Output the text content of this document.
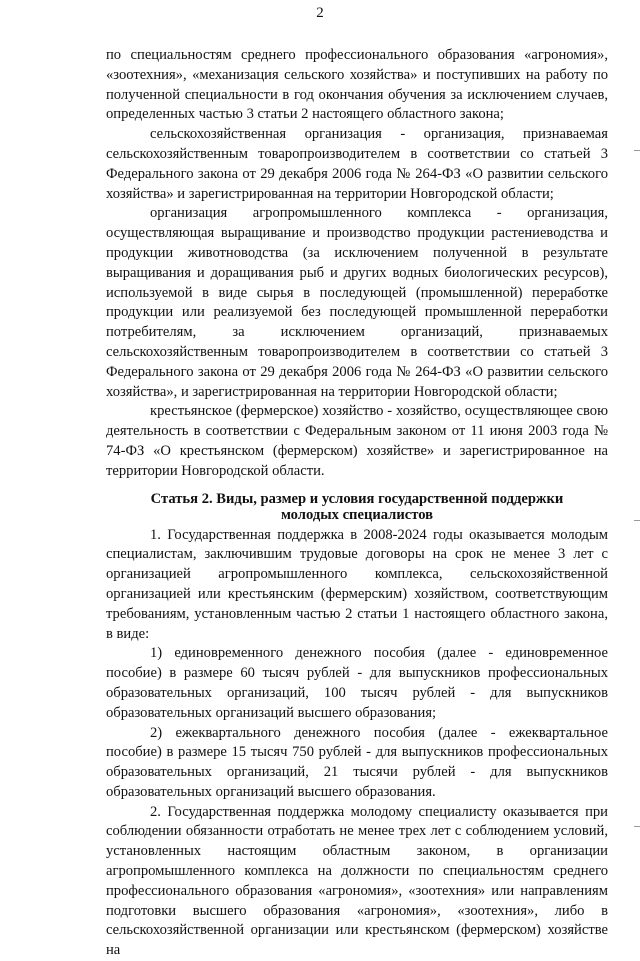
2

по специальностям среднего профессионального образования «агрономия», «зоотехния», «механизация сельского хозяйства» и поступивших на работу по полученной специальности в год окончания обучения за исключением случаев, определенных частью 3 статьи 2 настоящего областного закона;

сельскохозяйственная организация - организация, признаваемая сельскохозяйственным товаропроизводителем в соответствии со статьей 3 Федерального закона от 29 декабря 2006 года № 264-ФЗ «О развитии сельского хозяйства» и зарегистрированная на территории Новгородской области;

организация агропромышленного комплекса - организация, осуществляющая выращивание и производство продукции растениеводства и продукции животноводства (за исключением полученной в результате выращивания и доращивания рыб и других водных биологических ресурсов), используемой в виде сырья в последующей (промышленной) переработке продукции или реализуемой без последующей промышленной переработки потребителям, за исключением организаций, признаваемых сельскохозяйственным товаропроизводителем в соответствии со статьей 3 Федерального закона от 29 декабря 2006 года № 264-ФЗ «О развитии сельского хозяйства», и зарегистрированная на территории Новгородской области;

крестьянское (фермерское) хозяйство - хозяйство, осуществляющее свою деятельность в соответствии с Федеральным законом от 11 июня 2003 года № 74-ФЗ «О крестьянском (фермерском) хозяйстве» и зарегистрированное на территории Новгородской области.

Статья 2. Виды, размер и условия государственной поддержки
молодых специалистов

1. Государственная поддержка в 2008-2024 годы оказывается молодым специалистам, заключившим трудовые договоры на срок не менее 3 лет с организацией агропромышленного комплекса, сельскохозяйственной организацией или крестьянским (фермерским) хозяйством, соответствующим требованиям, установленным частью 2 статьи 1 настоящего областного закона, в виде:

1) единовременного денежного пособия (далее - единовременное пособие) в размере 60 тысяч рублей - для выпускников профессиональных образовательных организаций, 100 тысяч рублей - для выпускников образовательных организаций высшего образования;

2) ежеквартального денежного пособия (далее - ежеквартальное пособие) в размере 15 тысяч 750 рублей - для выпускников профессиональных образовательных организаций, 21 тысячи рублей - для выпускников образовательных организаций высшего образования.

2. Государственная поддержка молодому специалисту оказывается при соблюдении обязанности отработать не менее трех лет с соблюдением условий, установленных настоящим областным законом, в организации агропромышленного комплекса на должности по специальностям среднего профессионального образования «агрономия», «зоотехния» или направлениям подготовки высшего образования «агрономия», «зоотехния», либо в сельскохозяйственной организации или крестьянском (фермерском) хозяйстве на
